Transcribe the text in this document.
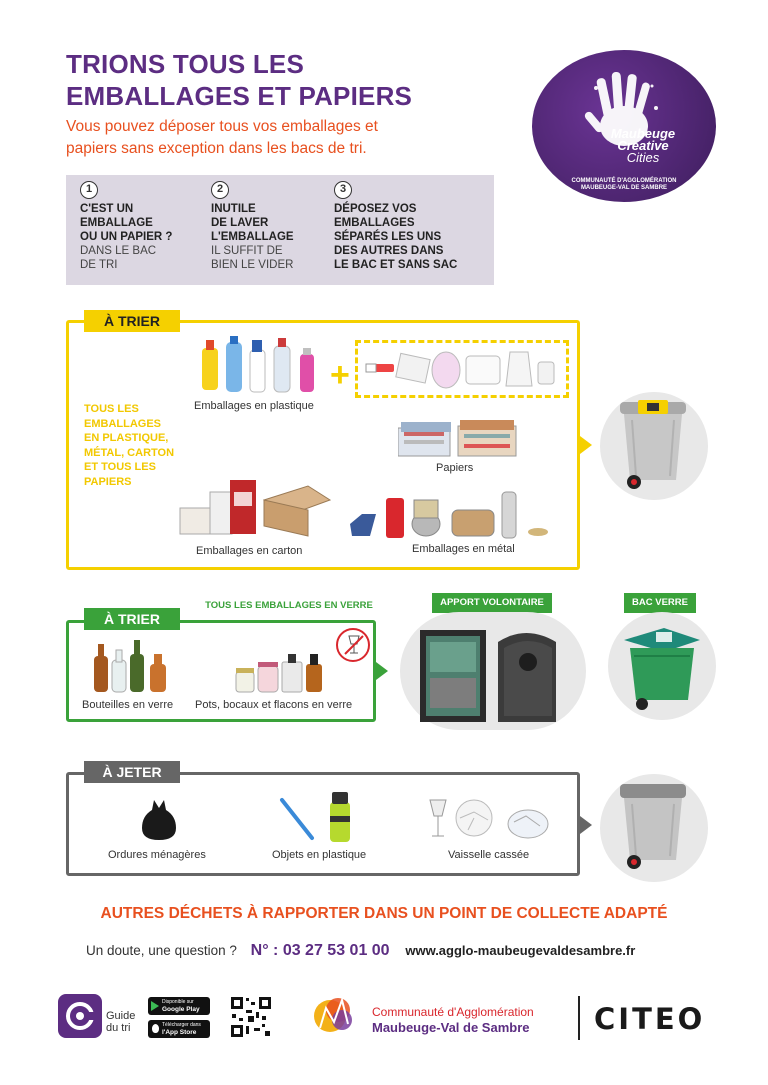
TRIONS TOUS LES
EMBALLAGES ET PAPIERS
Vous pouvez déposer tous vos emballages et
papiers sans exception dans les bacs de tri.
Maubeuge
Creative
Cities
COMMUNAUTÉ D'AGGLOMÉRATION
MAUBEUGE-VAL DE SAMBRE
1
C'EST UN
EMBALLAGE
OU UN PAPIER ?
DANS LE BAC
DE TRI
2
INUTILE
DE LAVER
L'EMBALLAGE
IL SUFFIT DE
BIEN LE VIDER
3
DÉPOSEZ VOS
EMBALLAGES
SÉPARÉS LES UNS
DES AUTRES DANS
LE BAC ET SANS SAC
À TRIER
TOUS LES
EMBALLAGES
EN PLASTIQUE,
MÉTAL, CARTON
ET TOUS LES
PAPIERS
Emballages en plastique
+
Papiers
Emballages en carton	Emballages en métal
TOUS LES EMBALLAGES EN VERRE
À TRIER
Bouteilles en verre Pots, bocaux et flacons en verre
APPORT VOLONTAIRE	BAC VERRE
À JETER
Ordures ménagères	Objets en plastique	Vaisselle cassée
AUTRES DÉCHETS À RAPPORTER DANS UN POINT DE COLLECTE ADAPTÉ
Un doute, une question ? N° : 03 27 53 01 00 www.agglo-maubeugevaldesambre.fr
Guide
du tri
Disponible sur
Google Play
Télécharger dans
l'App Store
Communauté d'Agglomération
Maubeuge-Val de Sambre CITEO
